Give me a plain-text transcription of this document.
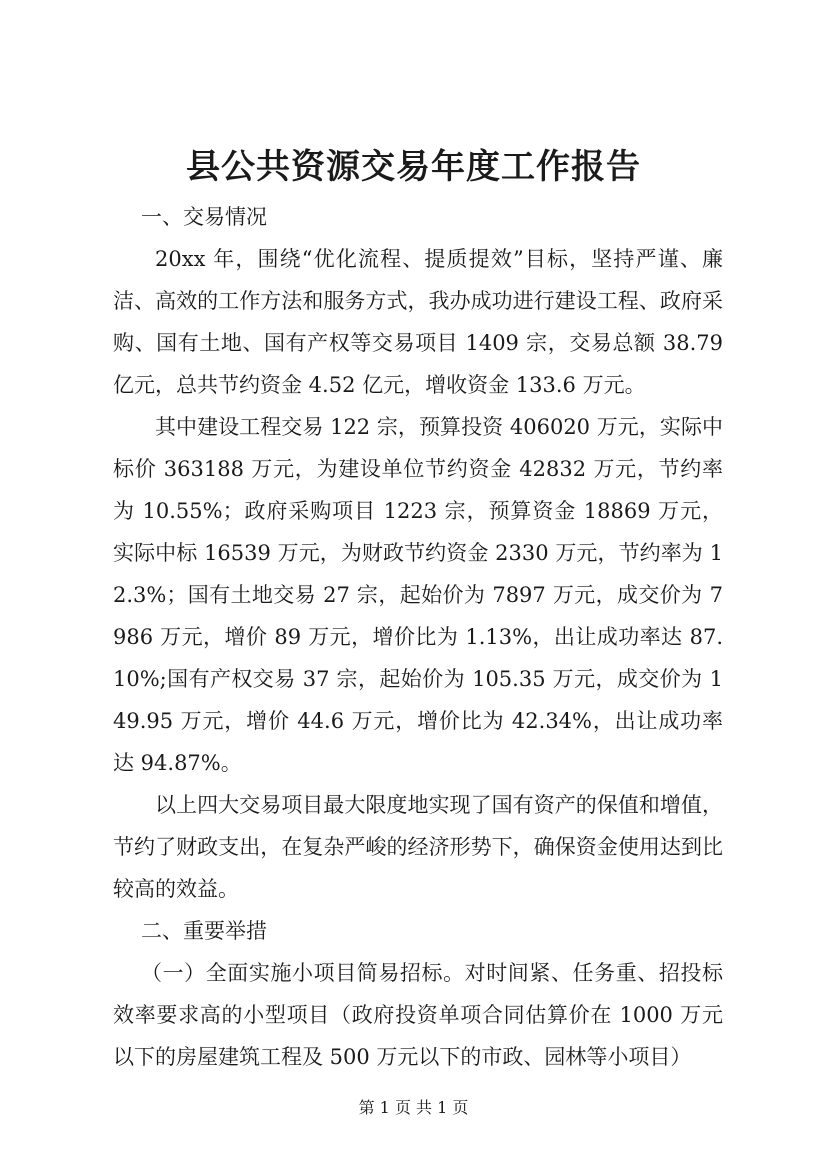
县公共资源交易年度工作报告

一、交易情况

20xx 年，围绕“优化流程、提质提效”目标，坚持严谨、廉洁、高效的工作方法和服务方式，我办成功进行建设工程、政府采购、国有土地、国有产权等交易项目 1409 宗，交易总额 38.79 亿元，总共节约资金 4.52 亿元，增收资金 133.6 万元。

其中建设工程交易 122 宗，预算投资 406020 万元，实际中标价 363188 万元，为建设单位节约资金 42832 万元，节约率为 10.55%；政府采购项目 1223 宗，预算资金 18869 万元，实际中标 16539 万元，为财政节约资金 2330 万元，节约率为 12.3%；国有土地交易 27 宗，起始价为 7897 万元，成交价为 7986 万元，增价 89 万元，增价比为 1.13%，出让成功率达 87.10%;国有产权交易 37 宗，起始价为 105.35 万元，成交价为 149.95 万元，增价 44.6 万元，增价比为 42.34%，出让成功率达 94.87%。

以上四大交易项目最大限度地实现了国有资产的保值和增值，节约了财政支出，在复杂严峻的经济形势下，确保资金使用达到比较高的效益。

二、重要举措

（一）全面实施小项目简易招标。对时间紧、任务重、招投标效率要求高的小型项目（政府投资单项合同估算价在 1000 万元以下的房屋建筑工程及 500 万元以下的市政、园林等小项目）

第 1 页 共 1 页
